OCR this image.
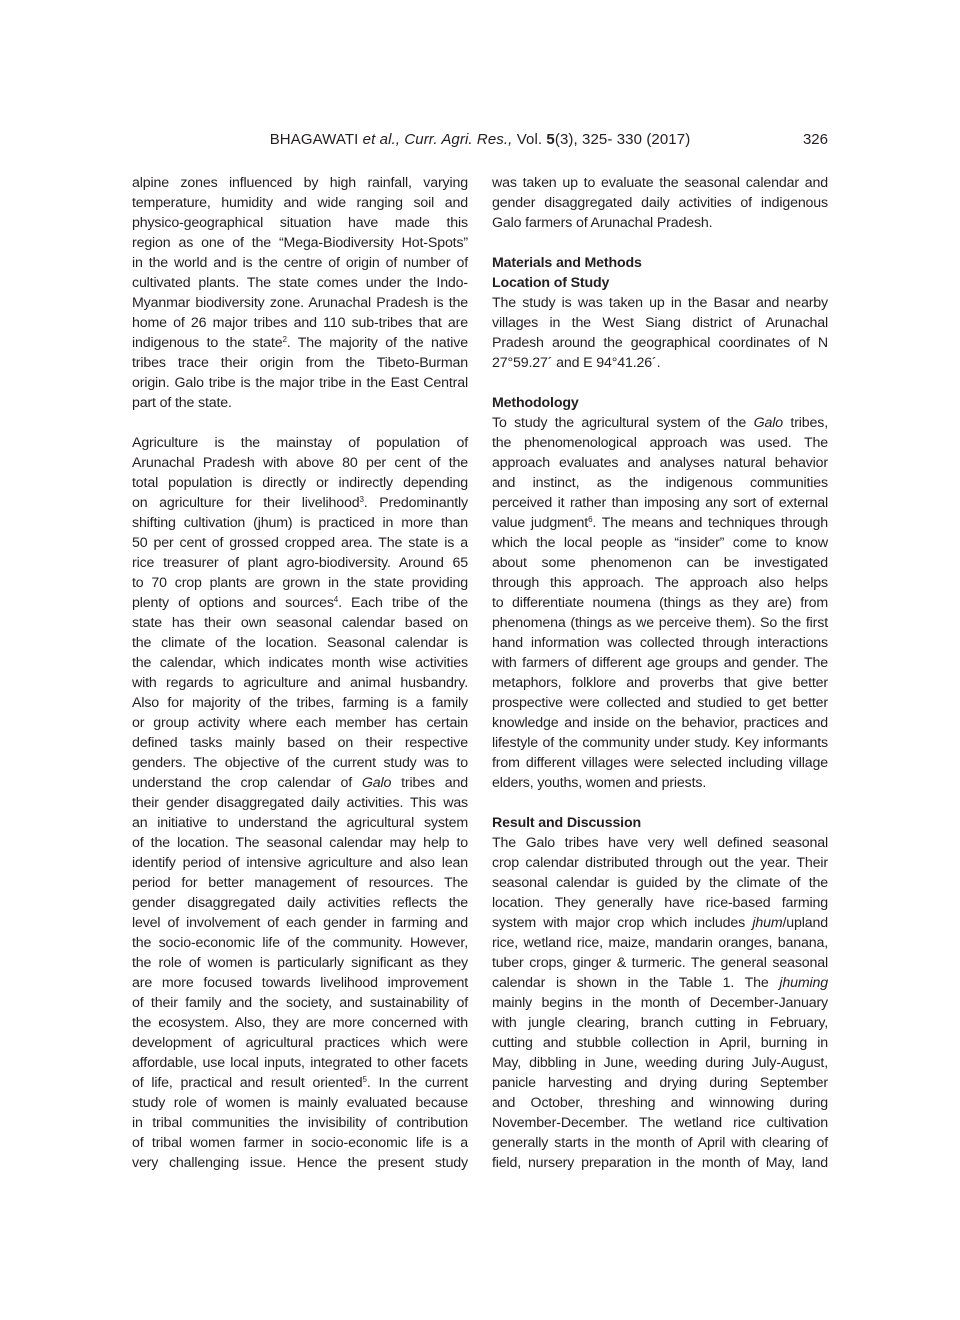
BHAGAWATI et al., Curr. Agri. Res., Vol. 5(3), 325- 330 (2017)	326
alpine zones influenced by high rainfall, varying
temperature, humidity and wide ranging soil and
physico-geographical situation have made this
region as one of the “Mega-Biodiversity Hot-Spots”
in the world and is the centre of origin of number of
cultivated plants. The state comes under the Indo-
Myanmar biodiversity zone. Arunachal Pradesh is the
home of 26 major tribes and 110 sub-tribes that are
indigenous to the state$^2$. The majority of the native
tribes trace their origin from the Tibeto-Burman
origin. Galo tribe is the major tribe in the East Central
part of the state.
Agriculture is the mainstay of population of
Arunachal Pradesh with above 80 per cent of the
total population is directly or indirectly depending
on agriculture for their livelihood$^3$. Predominantly
shifting cultivation (jhum) is practiced in more than
50 per cent of grossed cropped area. The state is a
rice treasurer of plant agro-biodiversity. Around 65
to 70 crop plants are grown in the state providing
plenty of options and sources$^4$. Each tribe of the
state has their own seasonal calendar based on
the climate of the location. Seasonal calendar is
the calendar, which indicates month wise activities
with regards to agriculture and animal husbandry.
Also for majority of the tribes, farming is a family
or group activity where each member has certain
defined tasks mainly based on their respective
genders. The objective of the current study was to
understand the crop calendar of Galo tribes and
their gender disaggregated daily activities. This was
an initiative to understand the agricultural system
of the location. The seasonal calendar may help to
identify period of intensive agriculture and also lean
period for better management of resources. The
gender disaggregated daily activities reflects the
level of involvement of each gender in farming and
the socio-economic life of the community. However,
the role of women is particularly significant as they
are more focused towards livelihood improvement
of their family and the society, and sustainability of
the ecosystem. Also, they are more concerned with
development of agricultural practices which were
affordable, use local inputs, integrated to other facets
of life, practical and result oriented$^5$. In the current
study role of women is mainly evaluated because
in tribal communities the invisibility of contribution
of tribal women farmer in socio-economic life is a
very challenging issue. Hence the present study
was taken up to evaluate the seasonal calendar and
gender disaggregated daily activities of indigenous
Galo farmers of Arunachal Pradesh.
Materials and Methods
Location of Study
The study is was taken up in the Basar and nearby
villages in the West Siang district of Arunachal
Pradesh around the geographical coordinates of N
27°59.27´ and E 94°41.26´.
Methodology
To study the agricultural system of the Galo tribes,
the phenomenological approach was used. The
approach evaluates and analyses natural behavior
and instinct, as the indigenous communities
perceived it rather than imposing any sort of external
value judgment$^6$. The means and techniques through
which the local people as “insider” come to know
about some phenomenon can be investigated
through this approach. The approach also helps
to differentiate noumena (things as they are) from
phenomena (things as we perceive them). So the first
hand information was collected through interactions
with farmers of different age groups and gender. The
metaphors, folklore and proverbs that give better
prospective were collected and studied to get better
knowledge and inside on the behavior, practices and
lifestyle of the community under study. Key informants
from different villages were selected including village
elders, youths, women and priests.
Result and Discussion
The Galo tribes have very well defined seasonal
crop calendar distributed through out the year. Their
seasonal calendar is guided by the climate of the
location. They generally have rice-based farming
system with major crop which includes jhum/upland
rice, wetland rice, maize, mandarin oranges, banana,
tuber crops, ginger & turmeric. The general seasonal
calendar is shown in the Table 1. The jhuming
mainly begins in the month of December-January
with jungle clearing, branch cutting in February,
cutting and stubble collection in April, burning in
May, dibbling in June, weeding during July-August,
panicle harvesting and drying during September
and October, threshing and winnowing during
November-December. The wetland rice cultivation
generally starts in the month of April with clearing of
field, nursery preparation in the month of May, land
